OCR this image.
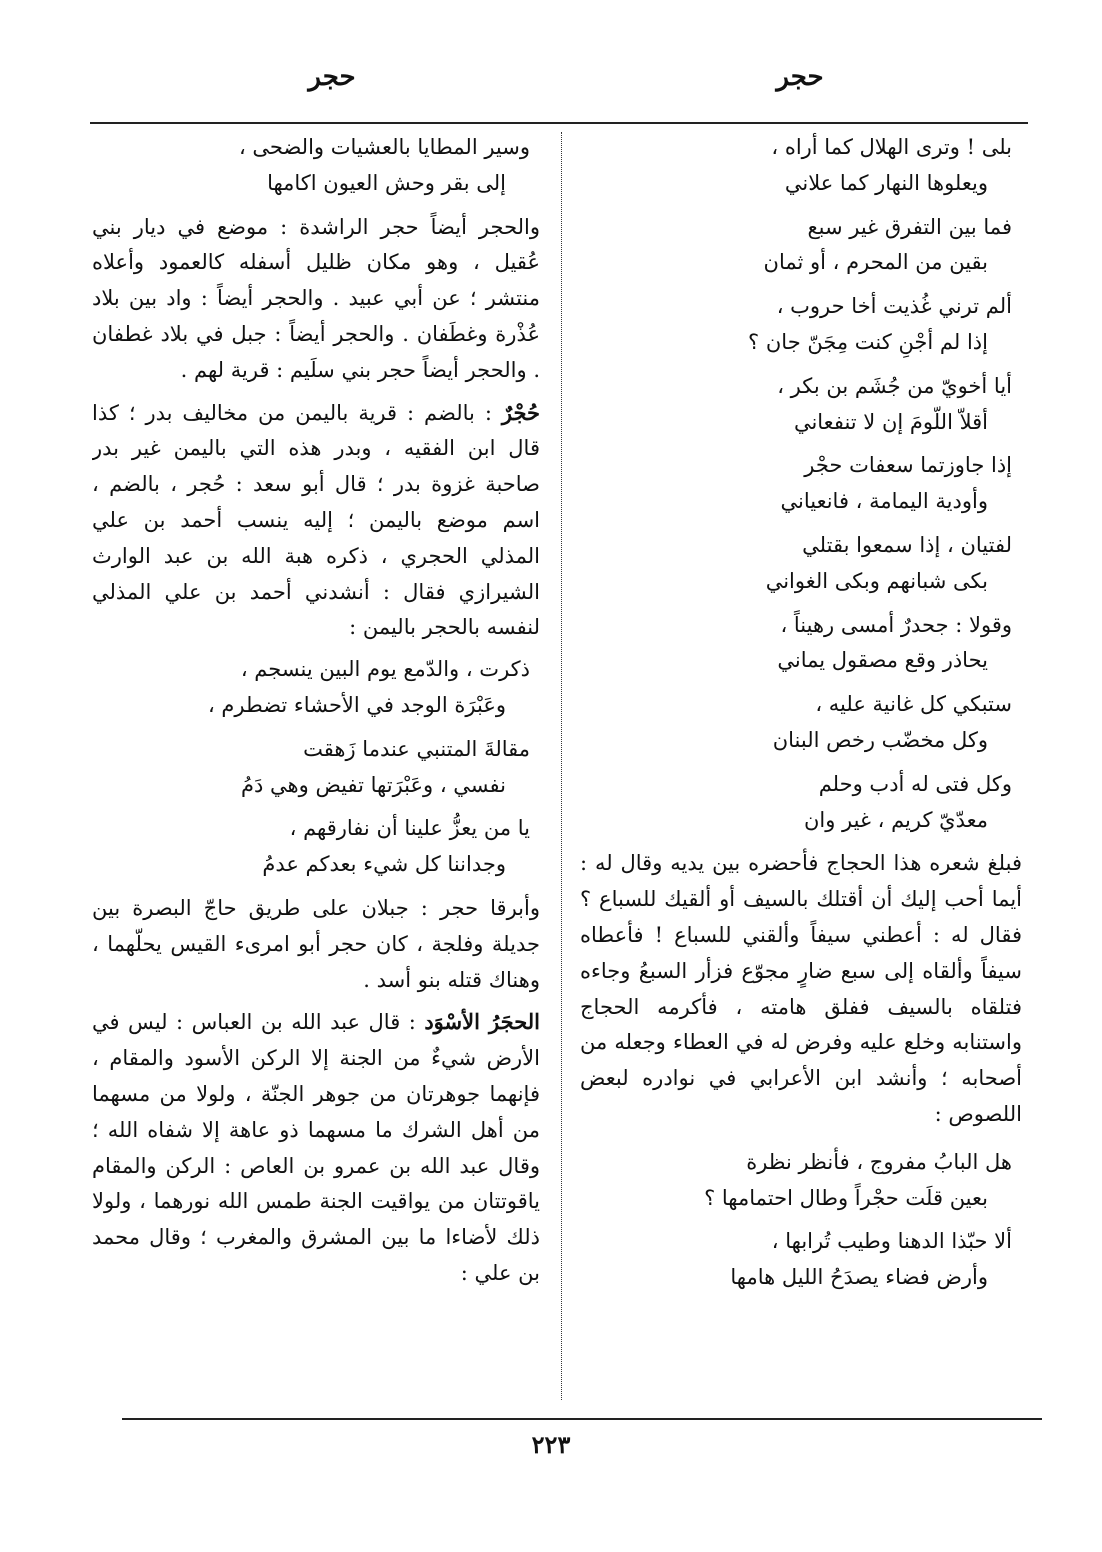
حجر
حجر
بلى ! وترى الهلال كما أراه ،
ويعلوها النهار كما علاني
فما بين التفرق غير سبع
بقين من المحرم ، أو ثمان
ألم ترني غُذيت أخا حروب ،
إذا لم أجْنِ كنت مِجَنّ جان ؟
أيا أخويّ من جُشَم بن بكر ،
أقلاّ اللّومَ إن لا تنفعاني
إذا جاوزتما سعفات حجْر
وأودية اليمامة ، فانعياني
لفتيان ، إذا سمعوا بقتلي
بكى شبانهم وبكى الغواني
وقولا : جحدرٌ أمسى رهيناً ،
يحاذر وقع مصقول يماني
ستبكي كل غانية عليه ،
وكل مخضّب رخص البنان
وكل فتى له أدب وحلم
معدّيّ كريم ، غير وان
فبلغ شعره هذا الحجاج فأحضره بين يديه وقال له : أيما أحب إليك أن أقتلك بالسيف أو ألقيك للسباع ؟ فقال له : أعطني سيفاً وألقني للسباع ! فأعطاه سيفاً وألقاه إلى سبع ضارٍ مجوّع فزأر السبعُ وجاءه فتلقاه بالسيف ففلق هامته ، فأكرمه الحجاج واستنابه وخلع عليه وفرض له في العطاء وجعله من أصحابه ؛ وأنشد ابن الأعرابي في نوادره لبعض اللصوص :
هل البابُ مفروج ، فأنظر نظرة
بعين قلَت حجْراً وطال احتمامها ؟
ألا حبّذا الدهنا وطيب تُرابها ،
وأرض فضاء يصدَحُ الليل هامها
وسير المطايا بالعشيات والضحى ،
إلى بقر وحش العيون اكامها
والحجر أيضاً حجر الراشدة : موضع في ديار بني عُقيل ، وهو مكان ظليل أسفله كالعمود وأعلاه منتشر ؛ عن أبي عبيد . والحجر أيضاً : واد بين بلاد عُذْرة وغطَفان . والحجر أيضاً : جبل في بلاد غطفان . والحجر أيضاً حجر بني سلَيم : قرية لهم .
حُجْرٌ : بالضم : قرية باليمن من مخاليف بدر ؛ كذا قال ابن الفقيه ، وبدر هذه التي باليمن غير بدر صاحبة غزوة بدر ؛ قال أبو سعد : حُجر ، بالضم ، اسم موضع باليمن ؛ إليه ينسب أحمد بن علي المذلي الحجري ، ذكره هبة الله بن عبد الوارث الشيرازي فقال : أنشدني أحمد بن علي المذلي لنفسه بالحجر باليمن :
ذكرت ، والدّمع يوم البين ينسجم ،
وعَبْرَة الوجد في الأحشاء تضطرم ،
مقالةَ المتنبي عندما زَهقت
نفسي ، وعَبْرَتها تفيض وهي دَمُ
يا من يعزُّ علينا أن نفارقهم ،
وجداننا كل شيء بعدكم عدمُ
وأبرقا حجر : جبلان على طريق حاجّ البصرة بين جديلة وفلجة ، كان حجر أبو امرىء القيس يحلّهما ، وهناك قتله بنو أسد .
الحجَرُ الأسْوَد : قال عبد الله بن العباس : ليس في الأرض شيءٌ من الجنة إلا الركن الأسود والمقام ، فإنهما جوهرتان من جوهر الجنّة ، ولولا من مسهما من أهل الشرك ما مسهما ذو عاهة إلا شفاه الله ؛ وقال عبد الله بن عمرو بن العاص : الركن والمقام ياقوتتان من يواقيت الجنة طمس الله نورهما ، ولولا ذلك لأضاءا ما بين المشرق والمغرب ؛ وقال محمد بن علي :
٢٢٣
